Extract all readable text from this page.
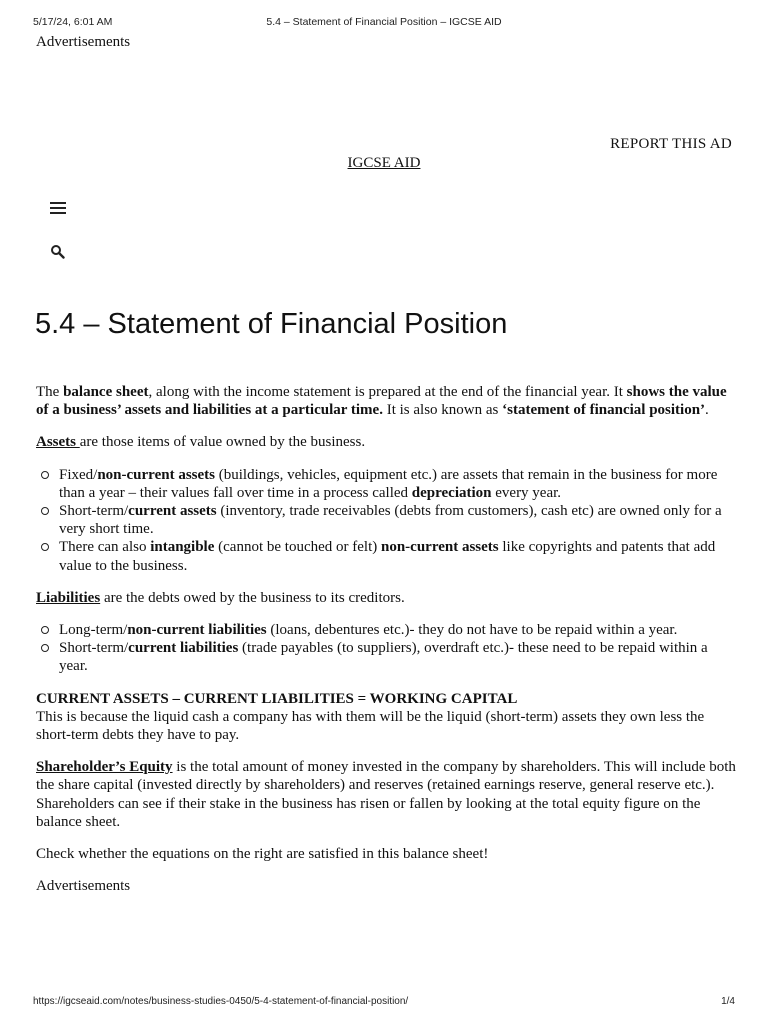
5/17/24, 6:01 AM	5.4 – Statement of Financial Position – IGCSE AID
Advertisements
REPORT THIS AD
IGCSE AID
5.4 – Statement of Financial Position

The balance sheet, along with the income statement is prepared at the end of the financial year. It shows the value of a business’ assets and liabilities at a particular time. It is also known as ‘statement of financial position’.

Assets are those items of value owned by the business.

Fixed/non-current assets (buildings, vehicles, equipment etc.) are assets that remain in the business for more than a year – their values fall over time in a process called depreciation every year.
Short-term/current assets (inventory, trade receivables (debts from customers), cash etc) are owned only for a very short time.
There can also intangible (cannot be touched or felt) non-current assets like copyrights and patents that add value to the business.

Liabilities are the debts owed by the business to its creditors.

Long-term/non-current liabilities (loans, debentures etc.)- they do not have to be repaid within a year.
Short-term/current liabilities (trade payables (to suppliers), overdraft etc.)- these need to be repaid within a year.

CURRENT ASSETS – CURRENT LIABILITIES = WORKING CAPITAL
This is because the liquid cash a company has with them will be the liquid (short-term) assets they own less the short-term debts they have to pay.

Shareholder’s Equity is the total amount of money invested in the company by shareholders. This will include both the share capital (invested directly by shareholders) and reserves (retained earnings reserve, general reserve etc.).
Shareholders can see if their stake in the business has risen or fallen by looking at the total equity figure on the balance sheet.

Check whether the equations on the right are satisfied in this balance sheet!

Advertisements

https://igcseaid.com/notes/business-studies-0450/5-4-statement-of-financial-position/	1/4
